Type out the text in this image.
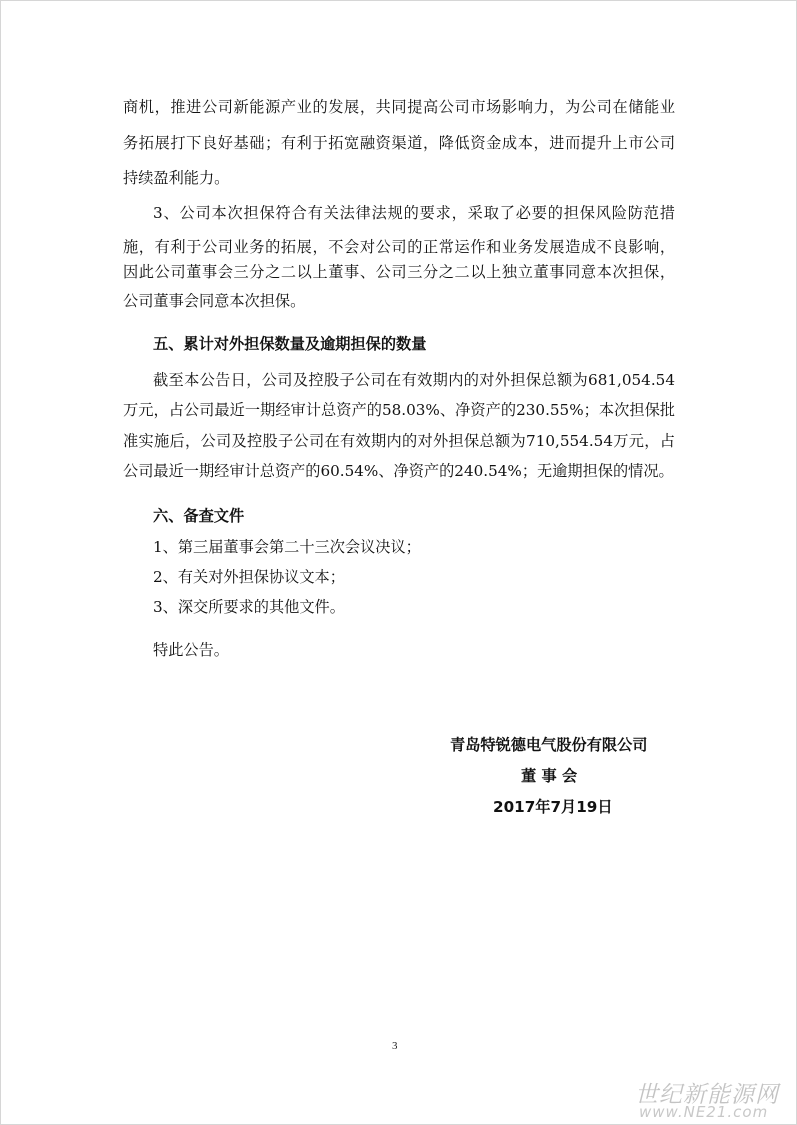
商机，推进公司新能源产业的发展，共同提高公司市场影响力，为公司在储能业
务拓展打下良好基础；有利于拓宽融资渠道，降低资金成本，进而提升上市公司
持续盈利能力。
3、公司本次担保符合有关法律法规的要求，采取了必要的担保风险防范措
施，有利于公司业务的拓展，不会对公司的正常运作和业务发展造成不良影响，
因此公司董事会三分之二以上董事、公司三分之二以上独立董事同意本次担保，
公司董事会同意本次担保。
五、累计对外担保数量及逾期担保的数量
截至本公告日，公司及控股子公司在有效期内的对外担保总额为681,054.54
万元，占公司最近一期经审计总资产的58.03%、净资产的230.55%；本次担保批
准实施后，公司及控股子公司在有效期内的对外担保总额为710,554.54万元，占
公司最近一期经审计总资产的60.54%、净资产的240.54%；无逾期担保的情况。
六、备查文件
1、第三届董事会第二十三次会议决议；
2、有关对外担保协议文本；
3、深交所要求的其他文件。
特此公告。
青岛特锐德电气股份有限公司
董 事 会
2017年7月19日
3
世纪新能源网
www.NE21.com
